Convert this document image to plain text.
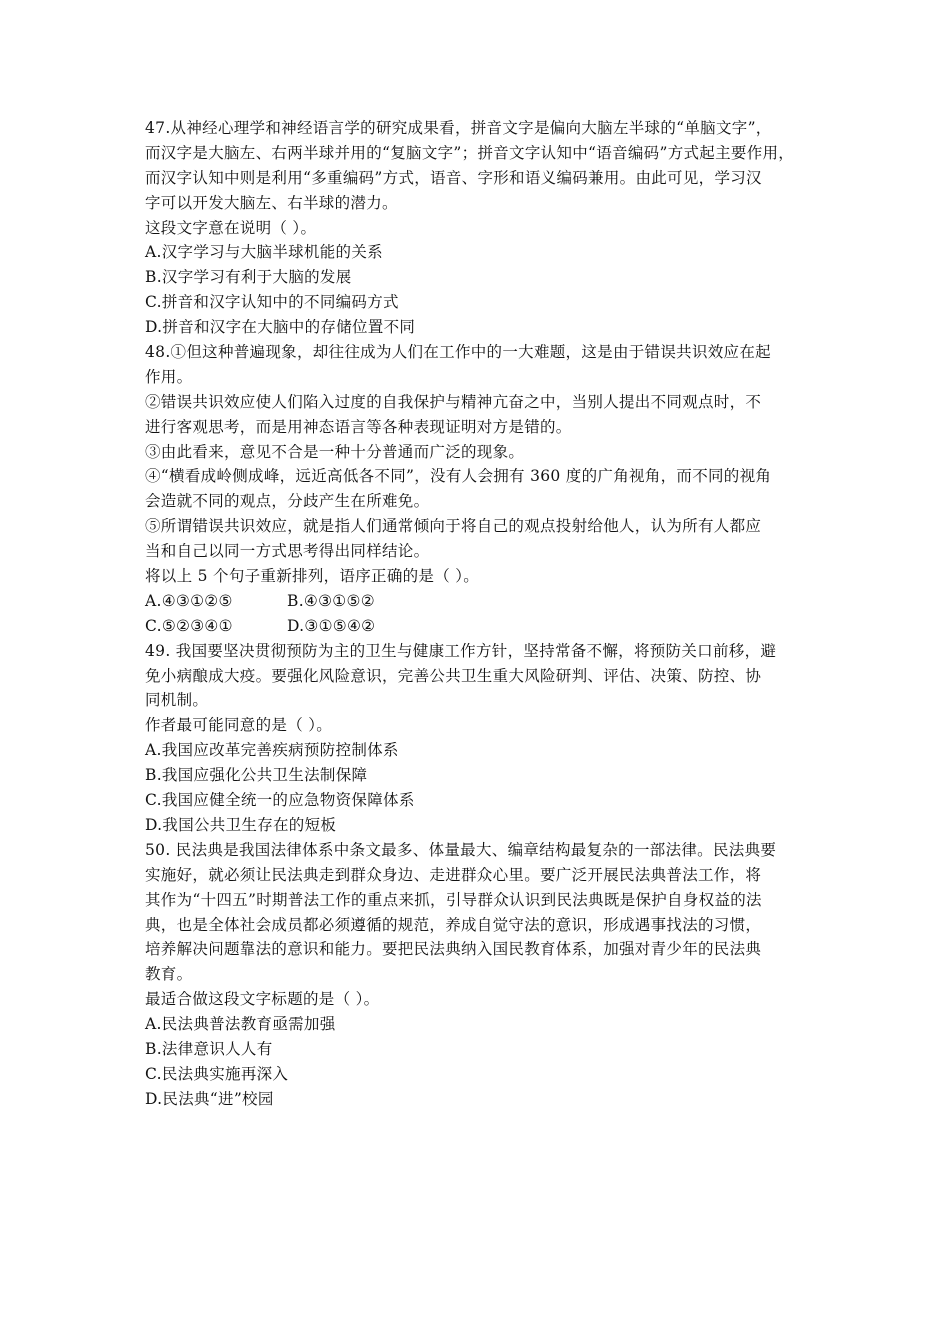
47.从神经心理学和神经语言学的研究成果看，拼音文字是偏向大脑左半球的“单脑文字”，
而汉字是大脑左、右两半球并用的“复脑文字”；拼音文字认知中“语音编码”方式起主要作用，
而汉字认知中则是利用“多重编码”方式，语音、字形和语义编码兼用。由此可见，学习汉
字可以开发大脑左、右半球的潜力。
这段文字意在说明（ ）。
A.汉字学习与大脑半球机能的关系
B.汉字学习有利于大脑的发展
C.拼音和汉字认知中的不同编码方式
D.拼音和汉字在大脑中的存储位置不同
48.①但这种普遍现象，却往往成为人们在工作中的一大难题，这是由于错误共识效应在起
作用。
②错误共识效应使人们陷入过度的自我保护与精神亢奋之中，当别人提出不同观点时，不
进行客观思考，而是用神态语言等各种表现证明对方是错的。
③由此看来，意见不合是一种十分普通而广泛的现象。
④“横看成岭侧成峰，远近高低各不同”，没有人会拥有 360 度的广角视角，而不同的视角
会造就不同的观点，分歧产生在所难免。
⑤所谓错误共识效应，就是指人们通常倾向于将自己的观点投射给他人，认为所有人都应
当和自己以同一方式思考得出同样结论。
将以上 5 个句子重新排列，语序正确的是（ ）。
A.④③①②⑤	B.④③①⑤②
C.⑤②③④①	D.③①⑤④②
49. 我国要坚决贯彻预防为主的卫生与健康工作方针，坚持常备不懈，将预防关口前移，避
免小病酿成大疫。要强化风险意识，完善公共卫生重大风险研判、评估、决策、防控、协
同机制。
作者最可能同意的是（ ）。
A.我国应改革完善疾病预防控制体系
B.我国应强化公共卫生法制保障
C.我国应健全统一的应急物资保障体系
D.我国公共卫生存在的短板
50. 民法典是我国法律体系中条文最多、体量最大、编章结构最复杂的一部法律。民法典要
实施好，就必须让民法典走到群众身边、走进群众心里。要广泛开展民法典普法工作，将
其作为“十四五”时期普法工作的重点来抓，引导群众认识到民法典既是保护自身权益的法
典，也是全体社会成员都必须遵循的规范，养成自觉守法的意识，形成遇事找法的习惯，
培养解决问题靠法的意识和能力。要把民法典纳入国民教育体系，加强对青少年的民法典
教育。
最适合做这段文字标题的是（ ）。
A.民法典普法教育亟需加强
B.法律意识人人有
C.民法典实施再深入
D.民法典“进”校园
